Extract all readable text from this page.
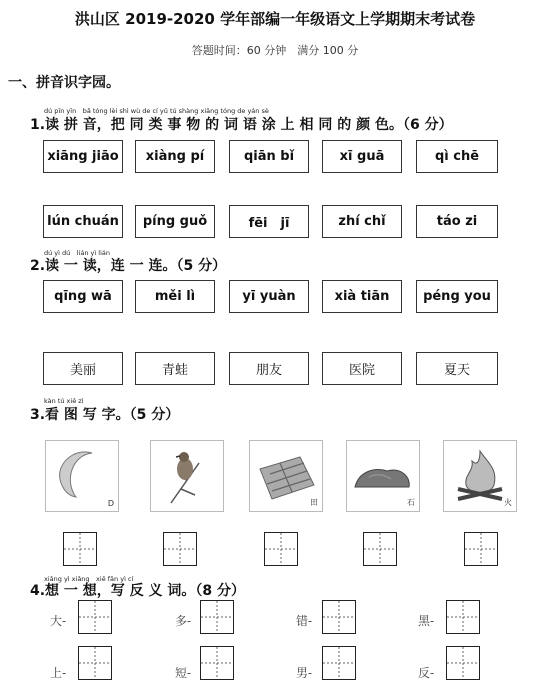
洪山区 2019-2020 学年部编一年级语文上学期期末考试卷
答题时间：60 分钟　满分 100 分
一、拼音识字园。
dú pīn yīn　bǎ tóng lèi shì wù de cí yǔ tú shàng xiāng tóng de yán sè
1.读 拼 音，把 同 类 事 物 的 词 语 涂 上 相 同 的 颜 色。（6 分）
xiāng jiāo	xiàng pí	qiān bǐ	xī guā	qì chē
lún chuán	píng guǒ	fēi　jī	zhí chǐ	táo zi
dú yì dú　lián yì lián
2.读 一 读，连 一 连。（5 分）
qīng wā	měi lì	yī yuàn	xià tiān	péng you
美丽	青蛙	朋友	医院	夏天
kàn tú xiě zì
3.看 图 写 字。（5 分）
D	田	石	火
xiǎng yì xiǎng　xiě fǎn yì cí
4.想 一 想，写 反 义 词。（8 分）
大-	多-	错-	黑-
上-	短-	男-	反-
